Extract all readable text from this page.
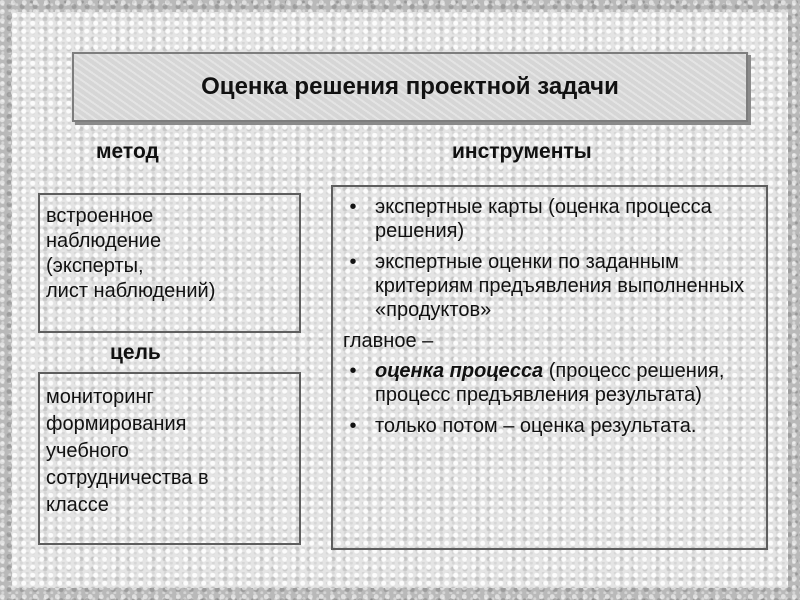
Оценка решения проектной задачи
метод	инструменты
встроенное
наблюдение
(эксперты,
лист наблюдений)
цель
мониторинг
формирования
учебного
сотрудничества в
классе
• экспертные карты (оценка процесса решения)
• экспертные оценки по заданным критериям предъявления выполненных «продуктов»

главное –

• оценка процесса (процесс решения, процесс предъявления результата)
• только потом – оценка результата.
